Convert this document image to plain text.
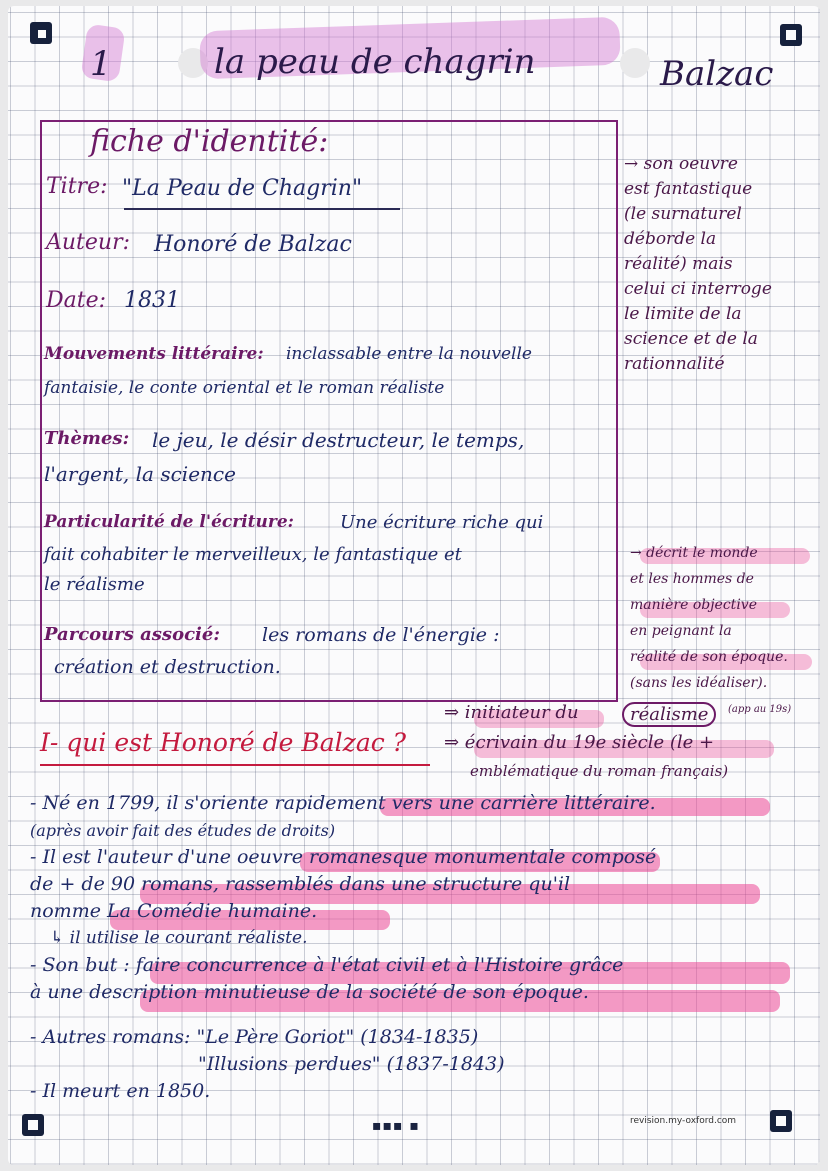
1	la peau de chagrin	Balzac
fiche d'identité:
Titre: "La Peau de Chagrin"
Auteur: Honoré de Balzac
Date: 1831
Mouvements littéraire: inclassable entre la nouvelle
fantaisie, le conte oriental et le roman réaliste
Thèmes: le jeu, le désir destructeur, le temps,
l'argent, la science
Particularité de l'écriture:	Une écriture riche qui
fait cohabiter le merveilleux, le fantastique et
le réalisme
Parcours associé: les romans de l'énergie :
création et destruction.
→ son oeuvre
est fantastique
(le surnaturel
déborde la
réalité) mais
celui ci interroge
le limite de la
science et de la
rationnalité
→ décrit le monde
et les hommes de
manière objective
en peignant la
réalité de son époque.
(sans les idéaliser).
I- qui est Honoré de Balzac ?
⇒ initiateur du	réalisme	(app au 19s)
⇒ écrivain du 19e siècle (le +
emblématique du roman français)
- Né en 1799, il s'oriente rapidement vers une carrière littéraire.
(après avoir fait des études de droits)
- Il est l'auteur d'une oeuvre romanesque monumentale composé
de + de 90 romans, rassemblés dans une structure qu'il
nomme La Comédie humaine.
↳ il utilise le courant réaliste.
- Son but : faire concurrence à l'état civil et à l'Histoire grâce
à une description minutieuse de la société de son époque.
- Autres romans: "Le Père Goriot" (1834-1835)
"Illusions perdues" (1837-1843)
- Il meurt en 1850.
▪▪▪ ▪	revision.my-oxford.com
